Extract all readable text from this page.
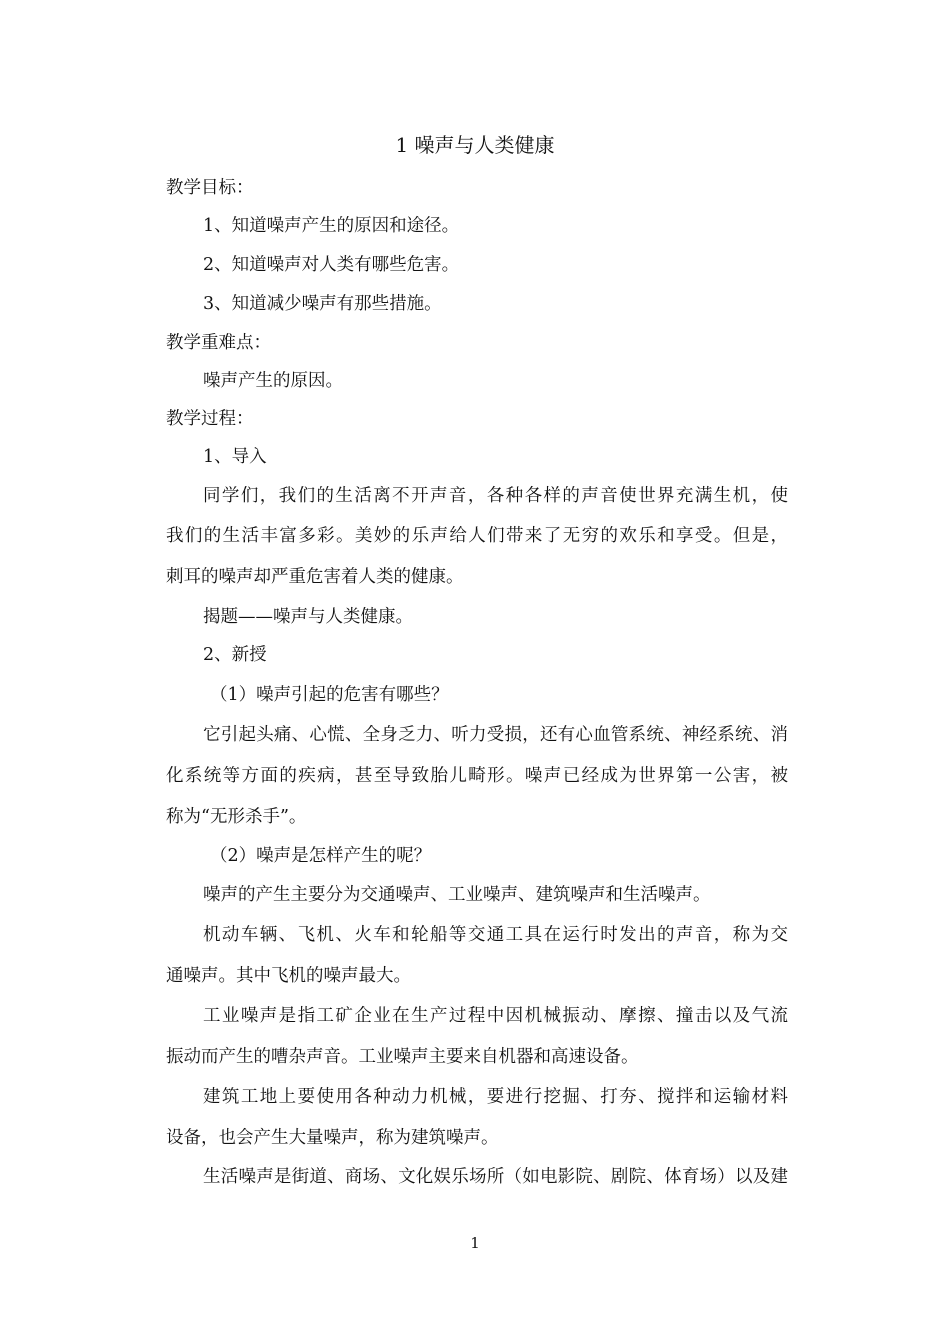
1 噪声与人类健康
教学目标：
1、知道噪声产生的原因和途径。
2、知道噪声对人类有哪些危害。
3、知道减少噪声有那些措施。
教学重难点：
噪声产生的原因。
教学过程：
1、导入
同学们，我们的生活离不开声音，各种各样的声音使世界充满生机，使
我们的生活丰富多彩。美妙的乐声给人们带来了无穷的欢乐和享受。但是，
刺耳的噪声却严重危害着人类的健康。
揭题——噪声与人类健康。
2、新授
（1）噪声引起的危害有哪些？
它引起头痛、心慌、全身乏力、听力受损，还有心血管系统、神经系统、消
化系统等方面的疾病，甚至导致胎儿畸形。噪声已经成为世界第一公害，被
称为“无形杀手”。
（2）噪声是怎样产生的呢？
噪声的产生主要分为交通噪声、工业噪声、建筑噪声和生活噪声。
机动车辆、飞机、火车和轮船等交通工具在运行时发出的声音，称为交
通噪声。其中飞机的噪声最大。
工业噪声是指工矿企业在生产过程中因机械振动、摩擦、撞击以及气流
振动而产生的嘈杂声音。工业噪声主要来自机器和高速设备。
建筑工地上要使用各种动力机械，要进行挖掘、打夯、搅拌和运输材料
设备，也会产生大量噪声，称为建筑噪声。
生活噪声是街道、商场、文化娱乐场所（如电影院、剧院、体育场）以及建
1
